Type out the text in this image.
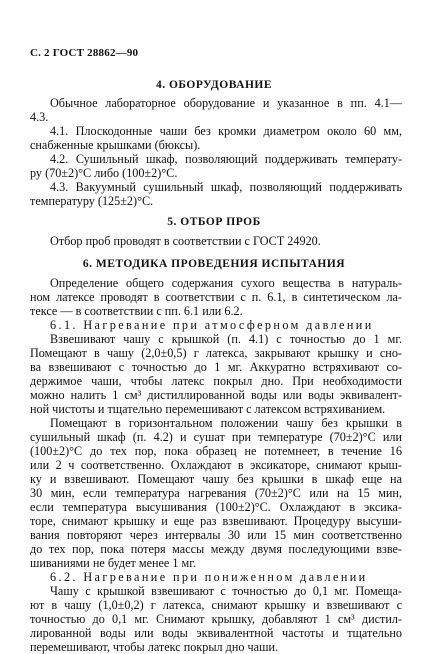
С. 2 ГОСТ 28862—90
4. ОБОРУДОВАНИЕ
Обычное лабораторное оборудование и указанное в пп. 4.1—
4.3.
4.1. Плоскодонные чаши без кромки диаметром около 60 мм,
снабженные крышками (бюксы).
4.2. Сушильный шкаф, позволяющий поддерживать температу-
ру (70±2)°С либо (100±2)°С.
4.3. Вакуумный сушильный шкаф, позволяющий поддерживать
температуру (125±2)°С.
5. ОТБОР ПРОБ
Отбор проб проводят в соответствии с ГОСТ 24920.
6. МЕТОДИКА ПРОВЕДЕНИЯ ИСПЫТАНИЯ
Определение общего содержания сухого вещества в натураль-
ном латексе проводят в соответствии с п. 6.1, в синтетическом ла-
тексе — в соответствии с пп. 6.1 или 6.2.
6.1. Нагревание при атмосферном давлении
Взвешивают чашу с крышкой (п. 4.1) с точностью до 1 мг.
Помещают в чашу (2,0±0,5) г латекса, закрывают крышку и сно-
ва взвешивают с точностью до 1 мг. Аккуратно встряхивают со-
держимое чаши, чтобы латекс покрыл дно. При необходимости
можно налить 1 см³ дистиллированной воды или воды эквивалент-
ной чистоты и тщательно перемешивают с латексом встряхиванием.
Помещают в горизонтальном положении чашу без крышки в
сушильный шкаф (п. 4.2) и сушат при температуре (70±2)°С или
(100±2)°С до тех пор, пока образец не потемнеет, в течение 16
или 2 ч соответственно. Охлаждают в эксикаторе, снимают крыш-
ку и взвешивают. Помещают чашу без крышки в шкаф еще на
30 мин, если температура нагревания (70±2)°С или на 15 мин,
если температура высушивания (100±2)°С. Охлаждают в эксика-
торе, снимают крышку и еще раз взвешивают. Процедуру высуши-
вания повторяют через интервалы 30 или 15 мин соответственно
до тех пор, пока потеря массы между двумя последующими взве-
шиваниями не будет менее 1 мг.
6.2. Нагревание при пониженном давлении
Чашу с крышкой взвешивают с точностью до 0,1 мг. Помеща-
ют в чашу (1,0±0,2) г латекса, снимают крышку и взвешивают с
точностью до 0,1 мг. Снимают крышку, добавляют 1 см³ дистил-
лированной воды или воды эквивалентной частоты и тщательно
перемешивают, чтобы латекс покрыл дно чаши.
